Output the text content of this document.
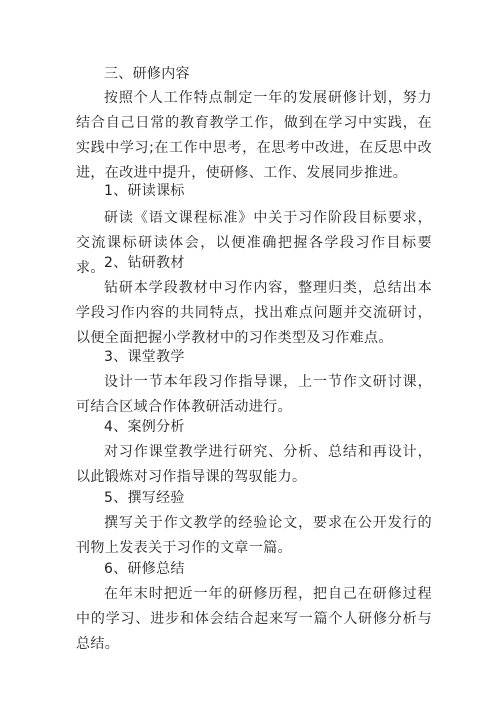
三、研修内容

按照个人工作特点制定一年的发展研修计划，努力结合自己日常的教育教学工作，做到在学习中实践，在实践中学习;在工作中思考，在思考中改进，在反思中改进，在改进中提升，使研修、工作、发展同步推进。

1、研读课标

研读《语文课程标准》中关于习作阶段目标要求，交流课标研读体会，以便准确把握各学段习作目标要求。 2、钻研教材

钻研本学段教材中习作内容，整理归类，总结出本学段习作内容的共同特点，找出难点问题并交流研讨，以便全面把握小学教材中的习作类型及习作难点。

3、课堂教学

设计一节本年段习作指导课，上一节作文研讨课，可结合区域合作体教研活动进行。

4、案例分析

对习作课堂教学进行研究、分析、总结和再设计，以此锻炼对习作指导课的驾驭能力。

5、撰写经验

撰写关于作文教学的经验论文，要求在公开发行的刊物上发表关于习作的文章一篇。

6、研修总结

在年末时把近一年的研修历程，把自己在研修过程中的学习、进步和体会结合起来写一篇个人研修分析与总结。
